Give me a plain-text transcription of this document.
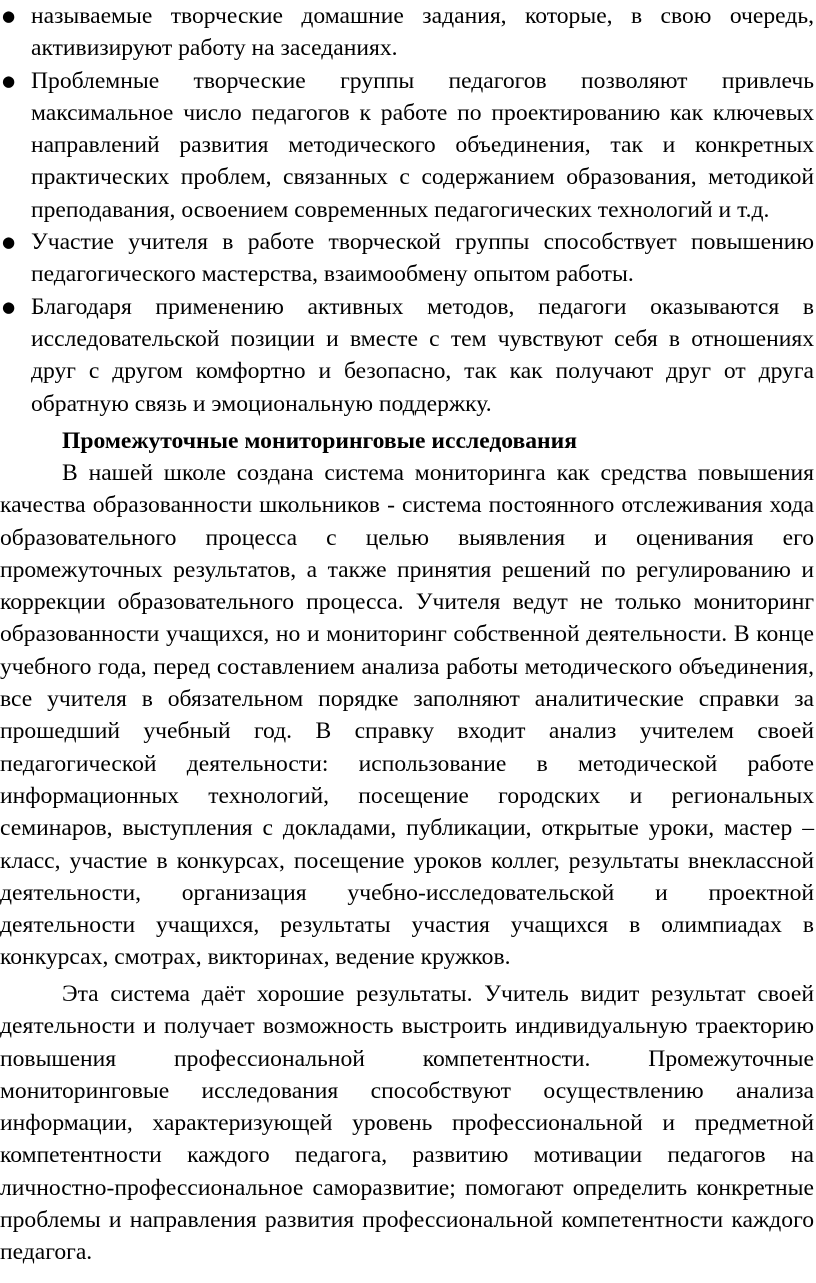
● называемые творческие домашние задания, которые, в свою очередь, активизируют работу на заседаниях.
● Проблемные творческие группы педагогов позволяют привлечь максимальное число педагогов к работе по проектированию как ключевых направлений развития методического объединения, так и конкретных практических проблем, связанных с содержанием образования, методикой преподавания, освоением современных педагогических технологий и т.д.
● Участие учителя в работе творческой группы способствует повышению педагогического мастерства, взаимообмену опытом работы.
● Благодаря применению активных методов, педагоги оказываются в исследовательской позиции и вместе с тем чувствуют себя в отношениях друг с другом комфортно и безопасно, так как получают друг от друга обратную связь и эмоциональную поддержку.
Промежуточные мониторинговые исследования

В нашей школе создана система мониторинга как средства повышения качества образованности школьников - система постоянного отслеживания хода образовательного процесса с целью выявления и оценивания его промежуточных результатов, а также принятия решений по регулированию и коррекции образовательного процесса. Учителя ведут не только мониторинг образованности учащихся, но и мониторинг собственной деятельности. В конце учебного года, перед составлением анализа работы методического объединения, все учителя в обязательном порядке заполняют аналитические справки за прошедший учебный год. В справку входит анализ учителем своей педагогической деятельности: использование в методической работе информационных технологий, посещение городских и региональных семинаров, выступления с докладами, публикации, открытые уроки, мастер – класс, участие в конкурсах, посещение уроков коллег, результаты внеклассной деятельности, организация учебно-исследовательской и проектной деятельности учащихся, результаты участия учащихся в олимпиадах в конкурсах, смотрах, викторинах, ведение кружков.

Эта система даёт хорошие результаты. Учитель видит результат своей деятельности и получает возможность выстроить индивидуальную траекторию повышения профессиональной компетентности. Промежуточные мониторинговые исследования способствуют осуществлению анализа информации, характеризующей уровень профессиональной и предметной компетентности каждого педагога, развитию мотивации педагогов на личностно-профессиональное саморазвитие; помогают определить конкретные проблемы и направления развития профессиональной компетентности каждого педагога.
